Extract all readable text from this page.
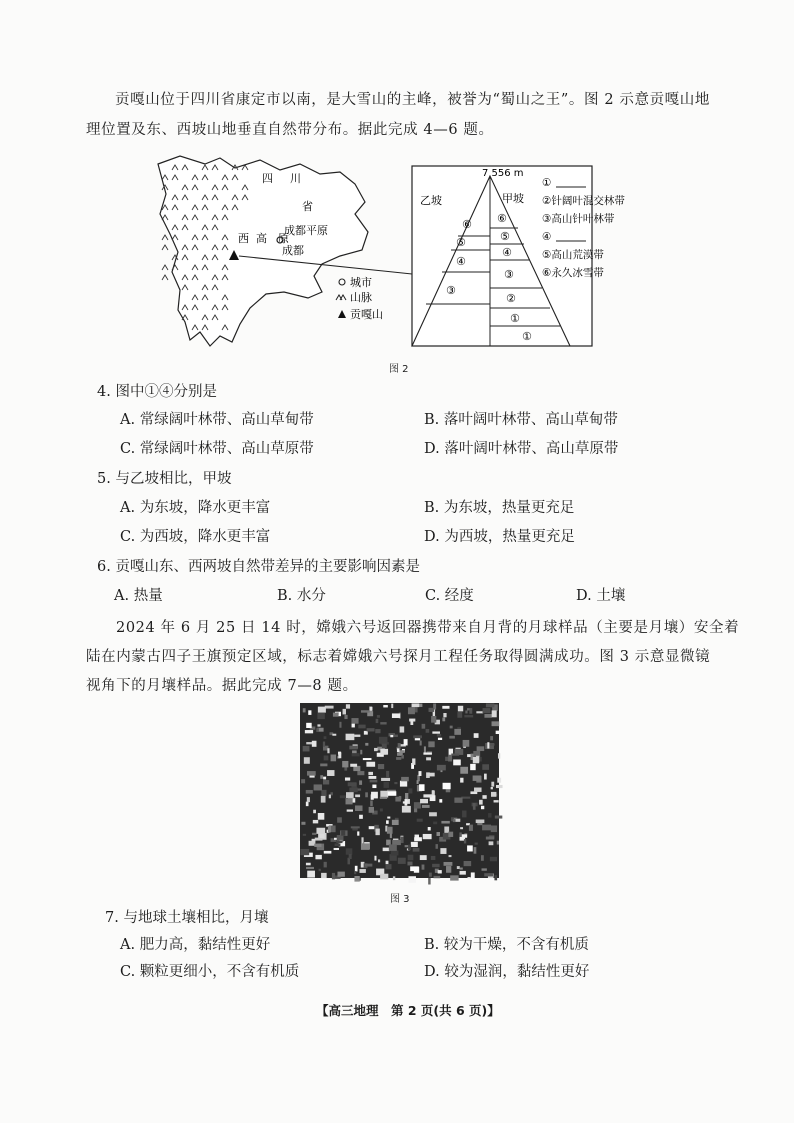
贡嘎山位于四川省康定市以南，是大雪山的主峰，被誉为“蜀山之王”。图 2 示意贡嘎山地
理位置及东、西坡山地垂直自然带分布。据此完成 4—6 题。
四 川
省
西 高 原
成都平原
成都
城市
山脉
贡嘎山
7 556 m
乙坡	甲坡
⑥
⑤
④
③
⑥
⑤
④
③
②
①
①
①
②针阔叶混交林带
③高山针叶林带
④
⑤高山荒漠带
⑥永久冰雪带
图 2
4. 图中①④分别是
A. 常绿阔叶林带、高山草甸带	B. 落叶阔叶林带、高山草甸带
C. 常绿阔叶林带、高山草原带	D. 落叶阔叶林带、高山草原带
5. 与乙坡相比，甲坡
A. 为东坡，降水更丰富	B. 为东坡，热量更充足
C. 为西坡，降水更丰富	D. 为西坡，热量更充足
6. 贡嘎山东、西两坡自然带差异的主要影响因素是
A. 热量	B. 水分	C. 经度	D. 土壤
2024 年 6 月 25 日 14 时，嫦娥六号返回器携带来自月背的月球样品（主要是月壤）安全着
陆在内蒙古四子王旗预定区域，标志着嫦娥六号探月工程任务取得圆满成功。图 3 示意显微镜
视角下的月壤样品。据此完成 7—8 题。
图 3
7. 与地球土壤相比，月壤
A. 肥力高，黏结性更好	B. 较为干燥，不含有机质
C. 颗粒更细小，不含有机质	D. 较为湿润，黏结性更好
【高三地理　第 2 页(共 6 页)】
